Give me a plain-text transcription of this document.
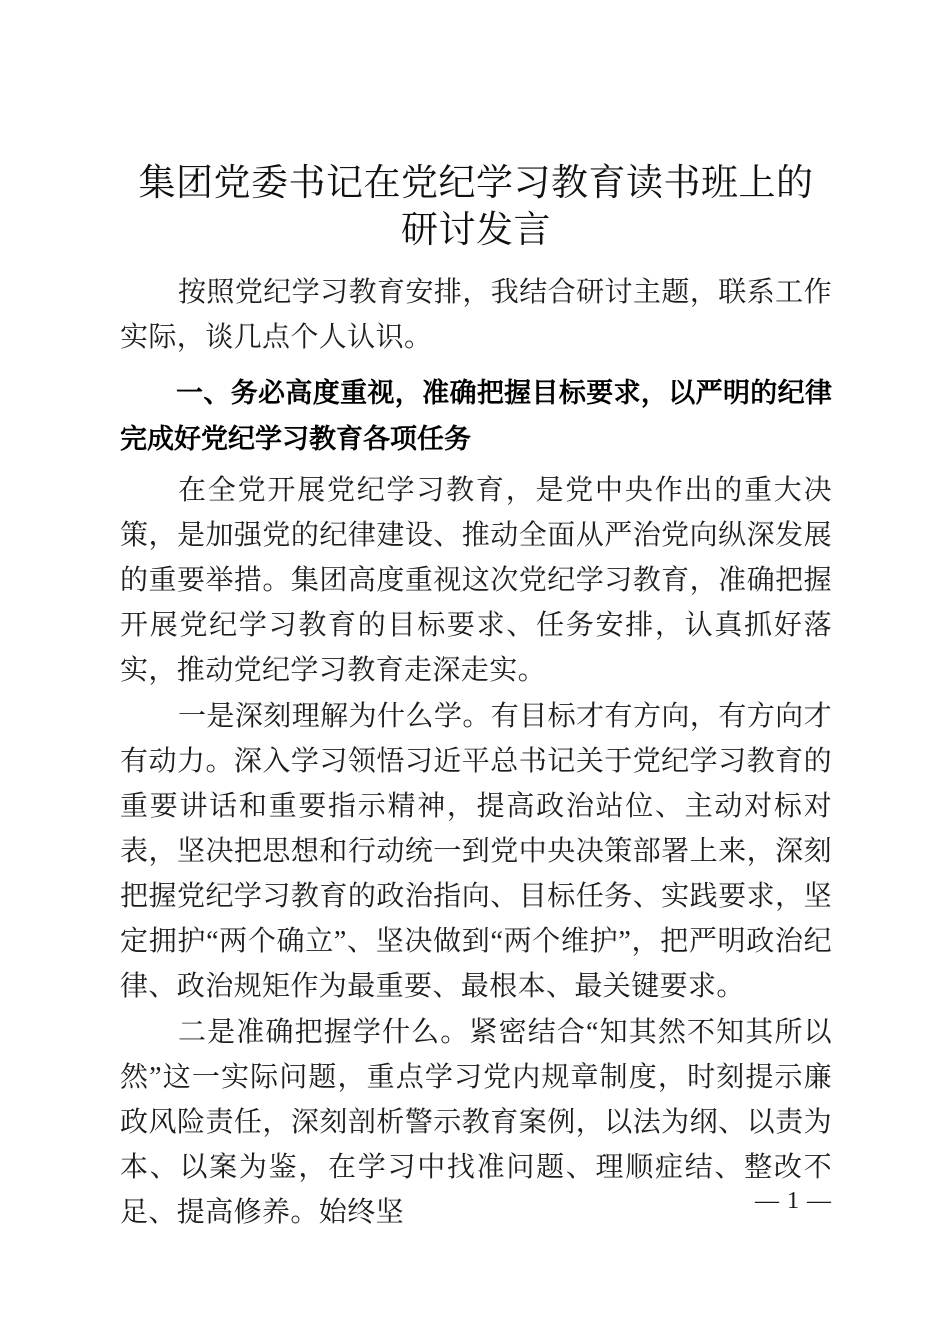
集团党委书记在党纪学习教育读书班上的研讨发言

按照党纪学习教育安排，我结合研讨主题，联系工作实际，谈几点个人认识。

一、务必高度重视，准确把握目标要求，以严明的纪律完成好党纪学习教育各项任务

在全党开展党纪学习教育，是党中央作出的重大决策，是加强党的纪律建设、推动全面从严治党向纵深发展的重要举措。集团高度重视这次党纪学习教育，准确把握开展党纪学习教育的目标要求、任务安排，认真抓好落实，推动党纪学习教育走深走实。

一是深刻理解为什么学。有目标才有方向，有方向才有动力。深入学习领悟习近平总书记关于党纪学习教育的重要讲话和重要指示精神，提高政治站位、主动对标对表，坚决把思想和行动统一到党中央决策部署上来，深刻把握党纪学习教育的政治指向、目标任务、实践要求，坚定拥护“两个确立”、坚决做到“两个维护”，把严明政治纪律、政治规矩作为最重要、最根本、最关键要求。

二是准确把握学什么。紧密结合“知其然不知其所以然”这一实际问题，重点学习党内规章制度，时刻提示廉政风险责任，深刻剖析警示教育案例，以法为纲、以责为本、以案为鉴，在学习中找准问题、理顺症结、整改不足、提高修养。始终坚	— 1 —
